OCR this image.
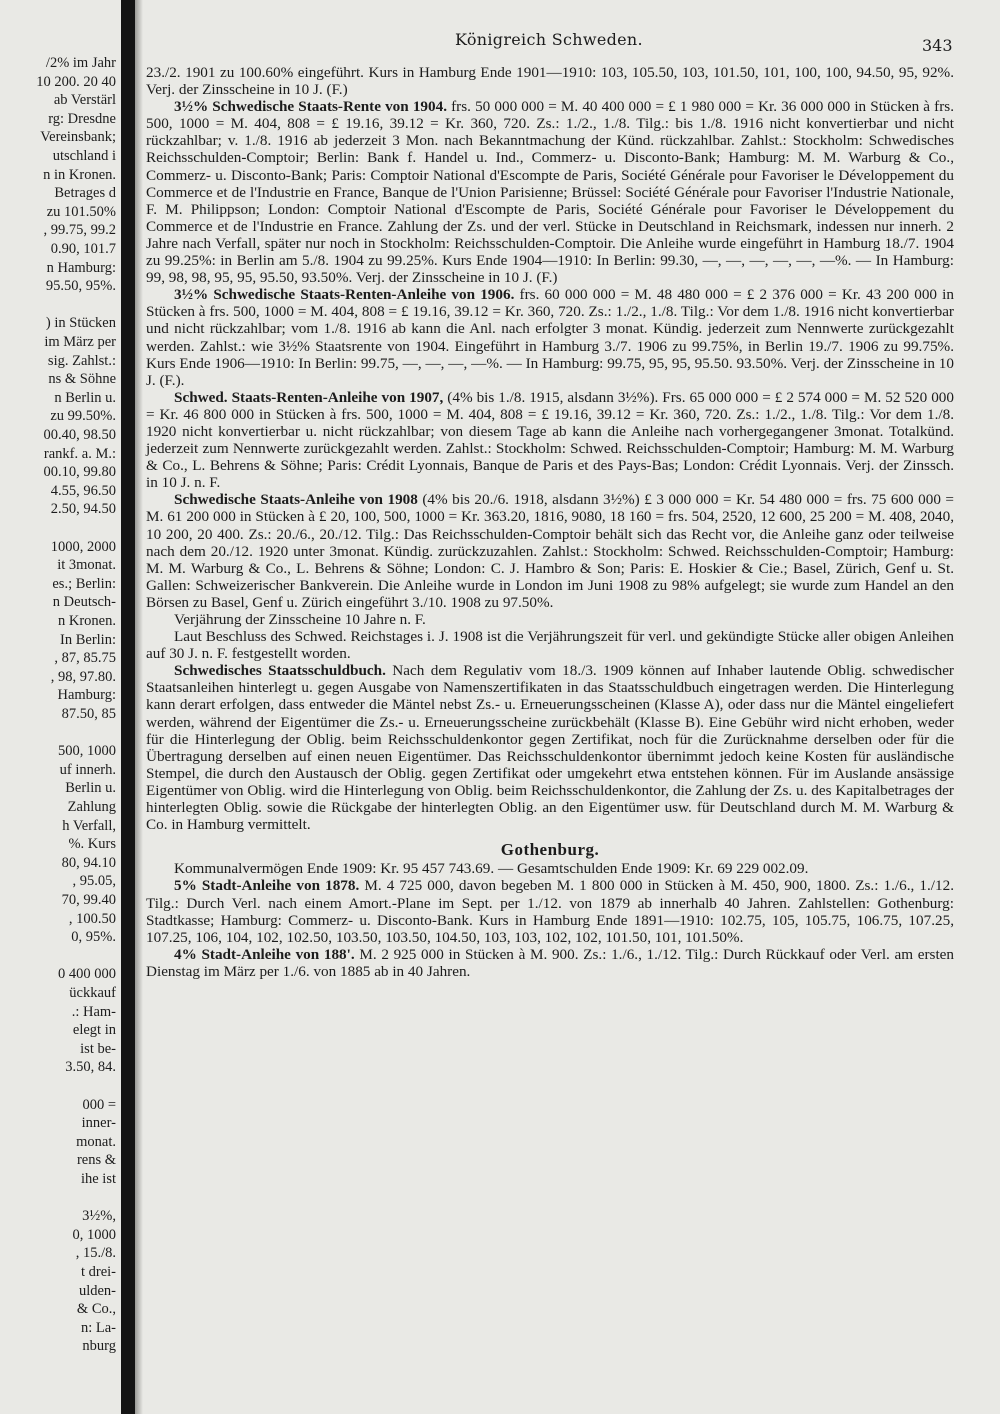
/2% im Jahr
10 200. 20 40
ab Verstärl
rg: Dresdne
Vereinsbank;
utschland i
n in Kronen.
Betrages d
zu 101.50%
, 99.75, 99.2
0.90, 101.7
n Hamburg:
95.50, 95%.
) in Stücken
im März per
sig. Zahlst.:
ns & Söhne
n Berlin u.
zu 99.50%.
00.40, 98.50
rankf. a. M.:
00.10, 99.80
4.55, 96.50
2.50, 94.50
1000, 2000
it 3monat.
es.; Berlin:
n Deutsch-
n Kronen.
In Berlin:
, 87, 85.75
, 98, 97.80.
Hamburg:
87.50, 85
500, 1000
uf innerh.
Berlin u.
Zahlung
h Verfall,
%. Kurs
80, 94.10
, 95.05,
70, 99.40
, 100.50
0, 95%.
0 400 000
ückkauf
.: Ham-
elegt in
ist be-
3.50, 84.
000 =
inner-
monat.
rens &
ihe ist
3½%,
0, 1000
, 15./8.
t drei-
ulden-
& Co.,
n: La-
nburg
Königreich Schweden.	343

23./2. 1901 zu 100.60% eingeführt. Kurs in Hamburg Ende 1901—1910: 103, 105.50, 103, 101.50, 101, 100, 100, 94.50, 95, 92%. Verj. der Zinsscheine in 10 J. (F.)

3½% Schwedische Staats-Rente von 1904. frs. 50 000 000 = M. 40 400 000 = £ 1 980 000 = Kr. 36 000 000 in Stücken à frs. 500, 1000 = M. 404, 808 = £ 19.16, 39.12 = Kr. 360, 720. Zs.: 1./2., 1./8. Tilg.: bis 1./8. 1916 nicht konvertierbar und nicht rückzahlbar; v. 1./8. 1916 ab jederzeit 3 Mon. nach Bekanntmachung der Künd. rückzahlbar. Zahlst.: Stockholm: Schwedisches Reichsschulden-Comptoir; Berlin: Bank f. Handel u. Ind., Commerz- u. Disconto-Bank; Hamburg: M. M. Warburg & Co., Commerz- u. Disconto-Bank; Paris: Comptoir National d'Escompte de Paris, Société Générale pour Favoriser le Développement du Commerce et de l'Industrie en France, Banque de l'Union Parisienne; Brüssel: Société Générale pour Favoriser l'Industrie Nationale, F. M. Philippson; London: Comptoir National d'Escompte de Paris, Société Générale pour Favoriser le Développement du Commerce et de l'Industrie en France. Zahlung der Zs. und der verl. Stücke in Deutschland in Reichsmark, indessen nur innerh. 2 Jahre nach Verfall, später nur noch in Stockholm: Reichsschulden-Comptoir. Die Anleihe wurde eingeführt in Hamburg 18./7. 1904 zu 99.25%: in Berlin am 5./8. 1904 zu 99.25%. Kurs Ende 1904—1910: In Berlin: 99.30, —, —, —, —, —, —%. — In Hamburg: 99, 98, 98, 95, 95, 95.50, 93.50%. Verj. der Zinsscheine in 10 J. (F.)

3½% Schwedische Staats-Renten-Anleihe von 1906. frs. 60 000 000 = M. 48 480 000 = £ 2 376 000 = Kr. 43 200 000 in Stücken à frs. 500, 1000 = M. 404, 808 = £ 19.16, 39.12 = Kr. 360, 720. Zs.: 1./2., 1./8. Tilg.: Vor dem 1./8. 1916 nicht konvertierbar und nicht rückzahlbar; vom 1./8. 1916 ab kann die Anl. nach erfolgter 3 monat. Kündig. jederzeit zum Nennwerte zurückgezahlt werden. Zahlst.: wie 3½% Staatsrente von 1904. Eingeführt in Hamburg 3./7. 1906 zu 99.75%, in Berlin 19./7. 1906 zu 99.75%. Kurs Ende 1906—1910: In Berlin: 99.75, —, —, —, —%. — In Hamburg: 99.75, 95, 95, 95.50. 93.50%. Verj. der Zinsscheine in 10 J. (F.).

Schwed. Staats-Renten-Anleihe von 1907, (4% bis 1./8. 1915, alsdann 3½%). Frs. 65 000 000 = £ 2 574 000 = M. 52 520 000 = Kr. 46 800 000 in Stücken à frs. 500, 1000 = M. 404, 808 = £ 19.16, 39.12 = Kr. 360, 720. Zs.: 1./2., 1./8. Tilg.: Vor dem 1./8. 1920 nicht konvertierbar u. nicht rückzahlbar; von diesem Tage ab kann die Anleihe nach vorhergegangener 3monat. Totalkünd. jederzeit zum Nennwerte zurückgezahlt werden. Zahlst.: Stockholm: Schwed. Reichsschulden-Comptoir; Hamburg: M. M. Warburg & Co., L. Behrens & Söhne; Paris: Crédit Lyonnais, Banque de Paris et des Pays-Bas; London: Crédit Lyonnais. Verj. der Zinssch. in 10 J. n. F.

Schwedische Staats-Anleihe von 1908 (4% bis 20./6. 1918, alsdann 3½%) £ 3 000 000 = Kr. 54 480 000 = frs. 75 600 000 = M. 61 200 000 in Stücken à £ 20, 100, 500, 1000 = Kr. 363.20, 1816, 9080, 18 160 = frs. 504, 2520, 12 600, 25 200 = M. 408, 2040, 10 200, 20 400. Zs.: 20./6., 20./12. Tilg.: Das Reichsschulden-Comptoir behält sich das Recht vor, die Anleihe ganz oder teilweise nach dem 20./12. 1920 unter 3monat. Kündig. zurückzuzahlen. Zahlst.: Stockholm: Schwed. Reichsschulden-Comptoir; Hamburg: M. M. Warburg & Co., L. Behrens & Söhne; London: C. J. Hambro & Son; Paris: E. Hoskier & Cie.; Basel, Zürich, Genf u. St. Gallen: Schweizerischer Bankverein. Die Anleihe wurde in London im Juni 1908 zu 98% aufgelegt; sie wurde zum Handel an den Börsen zu Basel, Genf u. Zürich eingeführt 3./10. 1908 zu 97.50%.

Verjährung der Zinsscheine 10 Jahre n. F.

Laut Beschluss des Schwed. Reichstages i. J. 1908 ist die Verjährungszeit für verl. und gekündigte Stücke aller obigen Anleihen auf 30 J. n. F. festgestellt worden.

Schwedisches Staatsschuldbuch. Nach dem Regulativ vom 18./3. 1909 können auf Inhaber lautende Oblig. schwedischer Staatsanleihen hinterlegt u. gegen Ausgabe von Namenszertifikaten in das Staatsschuldbuch eingetragen werden. Die Hinterlegung kann derart erfolgen, dass entweder die Mäntel nebst Zs.- u. Erneuerungsscheinen (Klasse A), oder dass nur die Mäntel eingeliefert werden, während der Eigentümer die Zs.- u. Erneuerungsscheine zurückbehält (Klasse B). Eine Gebühr wird nicht erhoben, weder für die Hinterlegung der Oblig. beim Reichsschuldenkontor gegen Zertifikat, noch für die Zurücknahme derselben oder für die Übertragung derselben auf einen neuen Eigentümer. Das Reichsschuldenkontor übernimmt jedoch keine Kosten für ausländische Stempel, die durch den Austausch der Oblig. gegen Zertifikat oder umgekehrt etwa entstehen können. Für im Auslande ansässige Eigentümer von Oblig. wird die Hinterlegung von Oblig. beim Reichsschuldenkontor, die Zahlung der Zs. u. des Kapitalbetrages der hinterlegten Oblig. sowie die Rückgabe der hinterlegten Oblig. an den Eigentümer usw. für Deutschland durch M. M. Warburg & Co. in Hamburg vermittelt.

Gothenburg.

Kommunalvermögen Ende 1909: Kr. 95 457 743.69. — Gesamtschulden Ende 1909: Kr. 69 229 002.09.

5% Stadt-Anleihe von 1878. M. 4 725 000, davon begeben M. 1 800 000 in Stücken à M. 450, 900, 1800. Zs.: 1./6., 1./12. Tilg.: Durch Verl. nach einem Amort.-Plane im Sept. per 1./12. von 1879 ab innerhalb 40 Jahren. Zahlstellen: Gothenburg: Stadtkasse; Hamburg: Commerz- u. Disconto-Bank. Kurs in Hamburg Ende 1891—1910: 102.75, 105, 105.75, 106.75, 107.25, 107.25, 106, 104, 102, 102.50, 103.50, 103.50, 104.50, 103, 103, 102, 102, 101.50, 101, 101.50%.

4% Stadt-Anleihe von 188'. M. 2 925 000 in Stücken à M. 900. Zs.: 1./6., 1./12. Tilg.: Durch Rückkauf oder Verl. am ersten Dienstag im März per 1./6. von 1885 ab in 40 Jahren.
